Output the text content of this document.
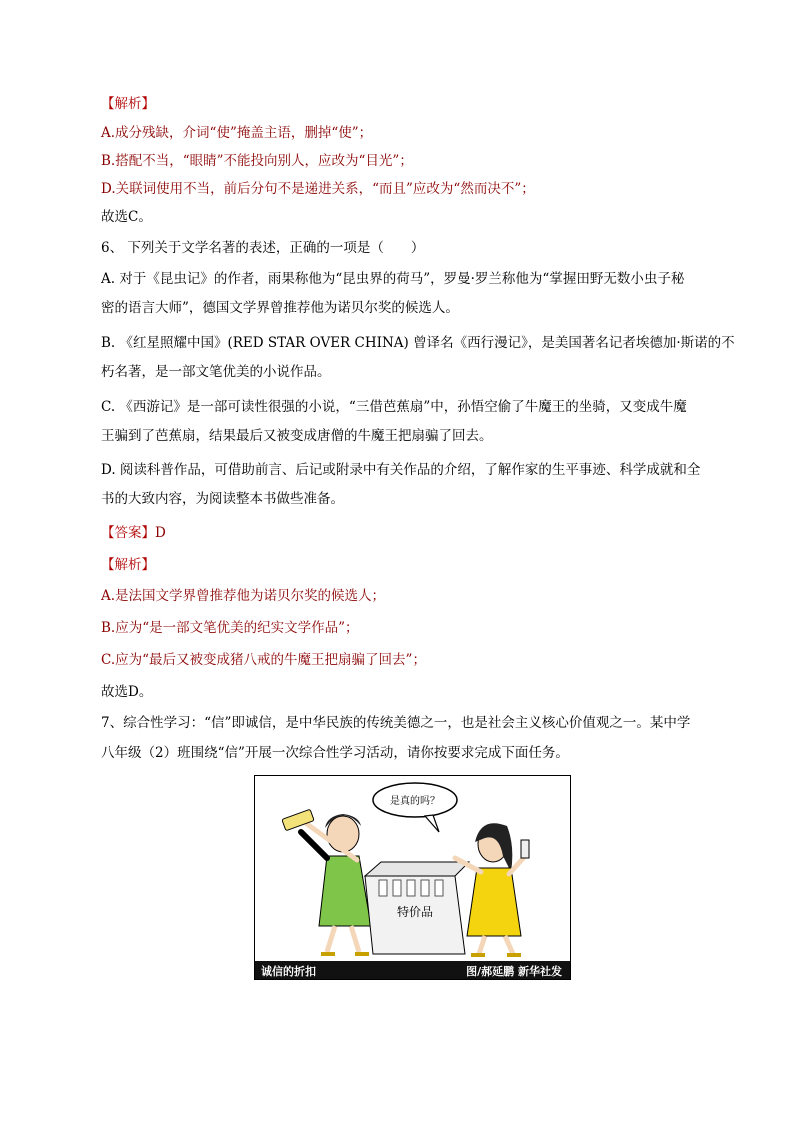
【解析】
A.成分残缺，介词“使”掩盖主语，删掉“使”；
B.搭配不当，“眼睛”不能投向别人，应改为“目光”；
D.关联词使用不当，前后分句不是递进关系，“而且”应改为“然而决不”；
故选C。
6、 下列关于文学名著的表述，正确的一项是（　　）
A. 对于《昆虫记》的作者，雨果称他为“昆虫界的荷马”，罗曼·罗兰称他为“掌握田野无数小虫子秘
密的语言大师”，德国文学界曾推荐他为诺贝尔奖的候选人。
B. 《红星照耀中国》(RED STAR OVER CHINA) 曾译名《西行漫记》，是美国著名记者埃德加·斯诺的不
朽名著，是一部文笔优美的小说作品。
C. 《西游记》是一部可读性很强的小说，“三借芭蕉扇”中，孙悟空偷了牛魔王的坐骑，又变成牛魔
王骗到了芭蕉扇，结果最后又被变成唐僧的牛魔王把扇骗了回去。
D. 阅读科普作品，可借助前言、后记或附录中有关作品的介绍，了解作家的生平事迹、科学成就和全
书的大致内容，为阅读整本书做些准备。
【答案】D
【解析】
A.是法国文学界曾推荐他为诺贝尔奖的候选人；
B.应为“是一部文笔优美的纪实文学作品”；
C.应为“最后又被变成猪八戒的牛魔王把扇骗了回去”；
故选D。
7、综合性学习：“信”即诚信，是中华民族的传统美德之一，也是社会主义核心价值观之一。某中学
八年级（2）班围绕“信”开展一次综合性学习活动，请你按要求完成下面任务。
是真的吗？
特价品
诚信的折扣	图/郝延鹏 新华社发
